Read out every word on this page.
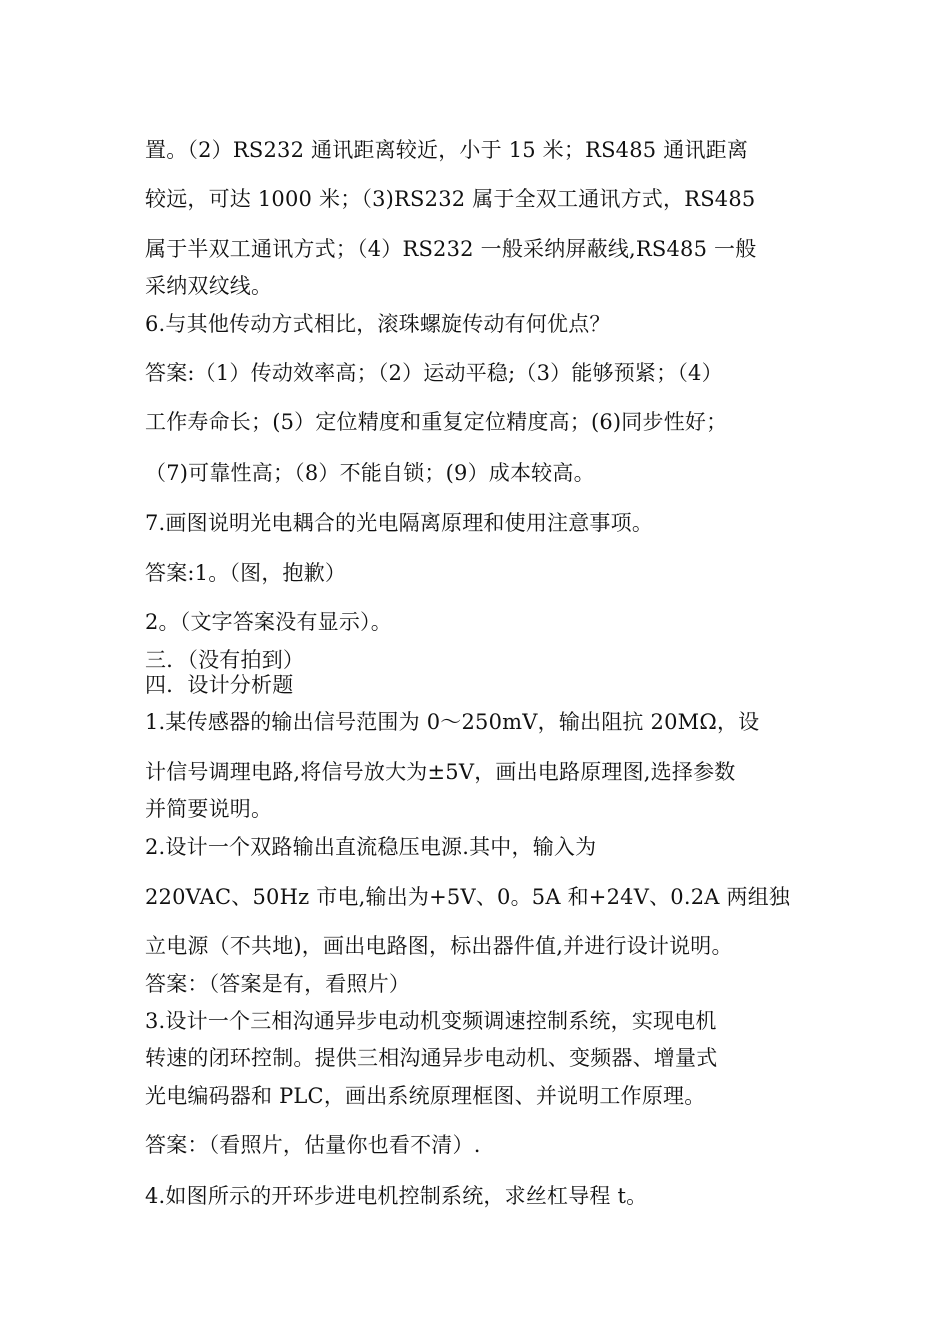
置。（2）RS232 通讯距离较近，小于 15 米；RS485 通讯距离
较远，可达 1000 米；（3)RS232 属于全双工通讯方式，RS485
属于半双工通讯方式；（4）RS232 一般采纳屏蔽线,RS485 一般
采纳双纹线。
6.与其他传动方式相比，滚珠螺旋传动有何优点？
答案:（1）传动效率高；（2）运动平稳;（3）能够预紧；（4）
工作寿命长；(5）定位精度和重复定位精度高；(6)同步性好；
（7)可靠性高；（8）不能自锁；(9）成本较高。
7.画图说明光电耦合的光电隔离原理和使用注意事项。
答案:1。（图，抱歉）
2。（文字答案没有显示）。
三．（没有拍到）
四．设计分析题
1.某传感器的输出信号范围为 0～250mV，输出阻抗 20MΩ，设
计信号调理电路,将信号放大为±5V，画出电路原理图,选择参数
并简要说明。
2.设计一个双路输出直流稳压电源.其中，输入为
220VAC、50Hz 市电,输出为+5V、0。5A 和+24V、0.2A 两组独
立电源（不共地)，画出电路图，标出器件值,并进行设计说明。
答案：（答案是有，看照片）
3.设计一个三相沟通异步电动机变频调速控制系统，实现电机
转速的闭环控制。提供三相沟通异步电动机、变频器、增量式
光电编码器和 PLC，画出系统原理框图、并说明工作原理。
答案：（看照片，估量你也看不清）.
4.如图所示的开环步进电机控制系统，求丝杠导程 t。
